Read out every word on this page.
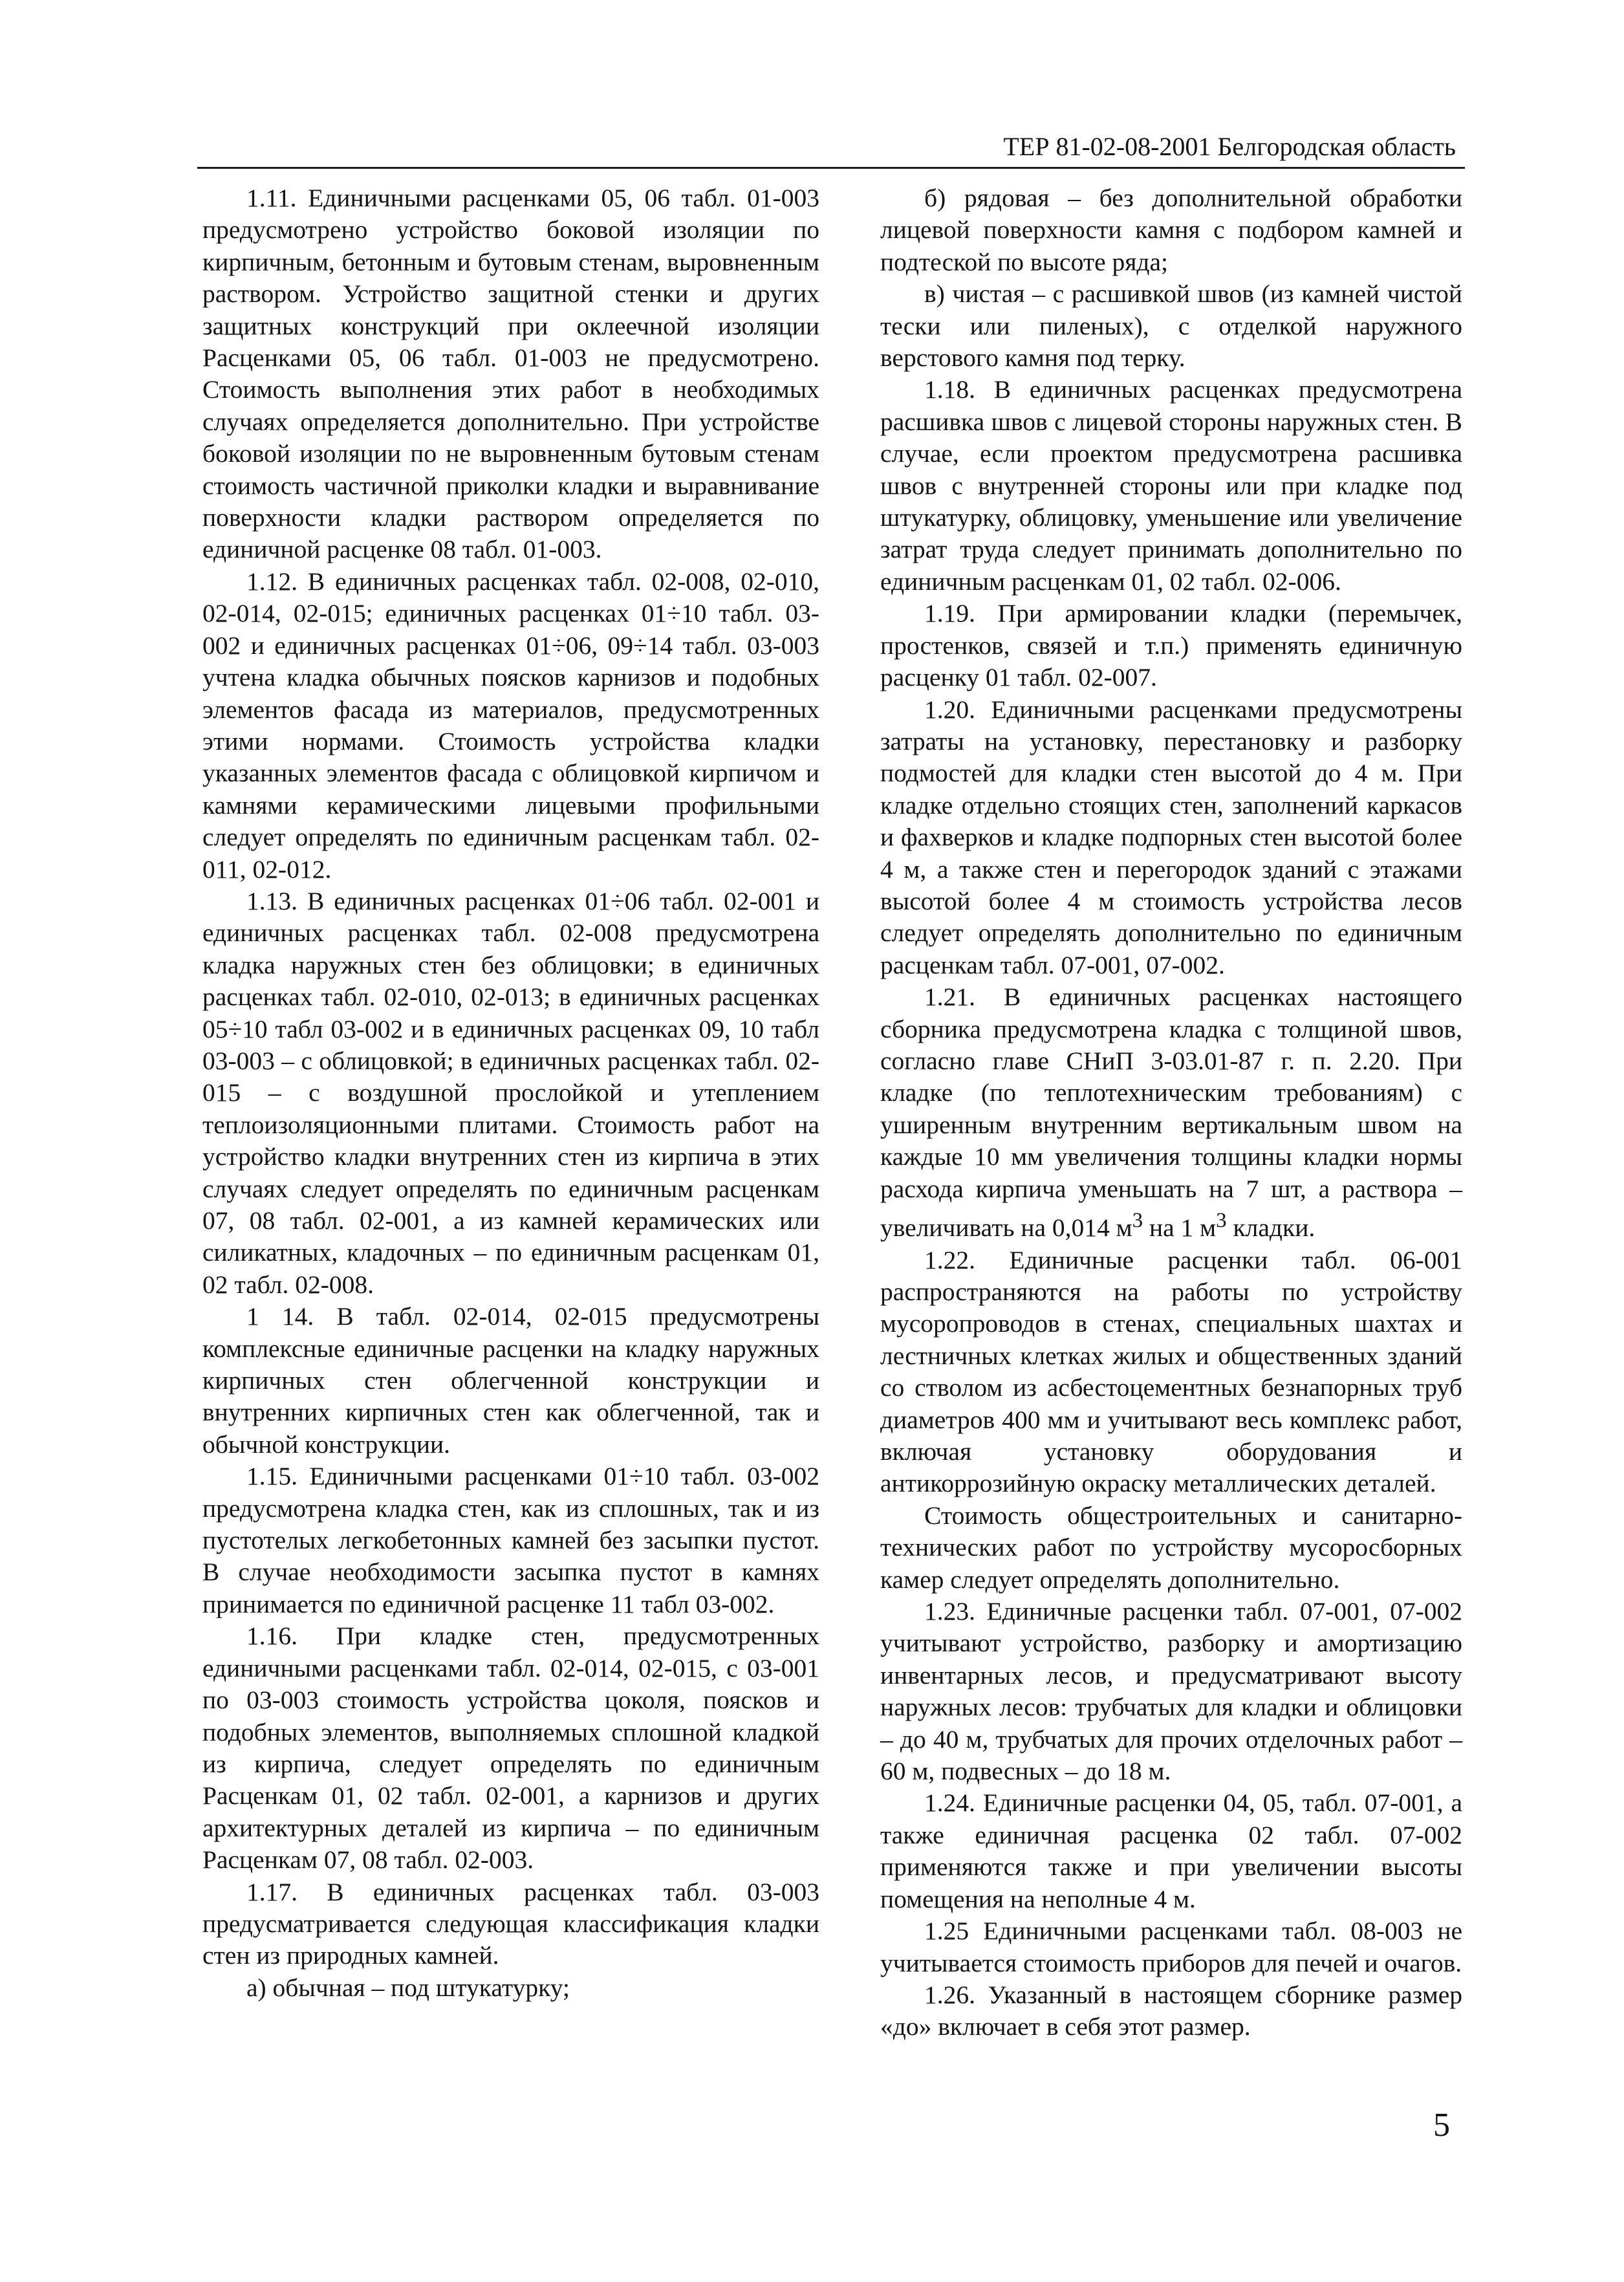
ТЕР 81-02-08-2001 Белгородская область

1.11. Единичными расценками 05, 06 табл. 01-003 предусмотрено устройство боковой изоляции по кирпичным, бетонным и бутовым стенам, выровненным раствором. Устройство защитной стенки и других защитных конструкций при оклеечной изоляции Расценками 05, 06 табл. 01-003 не предусмотрено. Стоимость выполнения этих работ в необходимых случаях определяется дополнительно. При устройстве боковой изоляции по не выровненным бутовым стенам стоимость частичной приколки кладки и выравнивание поверхности кладки раствором определяется по единичной расценке 08 табл. 01-003.

1.12. В единичных расценках табл. 02-008, 02-010, 02-014, 02-015; единичных расценках 01÷10 табл. 03-002 и единичных расценках 01÷06, 09÷14 табл. 03-003 учтена кладка обычных поясков карнизов и подобных элементов фасада из материалов, предусмотренных этими нормами. Стоимость устройства кладки указанных элементов фасада с облицовкой кирпичом и камнями керамическими лицевыми профильными следует определять по единичным расценкам табл. 02-011, 02-012.

1.13. В единичных расценках 01÷06 табл. 02-001 и единичных расценках табл. 02-008 предусмотрена кладка наружных стен без облицовки; в единичных расценках табл. 02-010, 02-013; в единичных расценках 05÷10 табл 03-002 и в единичных расценках 09, 10 табл 03-003 – с облицовкой; в единичных расценках табл. 02-015 – с воздушной прослойкой и утеплением теплоизоляционными плитами. Стоимость работ на устройство кладки внутренних стен из кирпича в этих случаях следует определять по единичным расценкам 07, 08 табл. 02-001, а из камней керамических или силикатных, кладочных – по единичным расценкам 01, 02 табл. 02-008.

1 14. В табл. 02-014, 02-015 предусмотрены комплексные единичные расценки на кладку наружных кирпичных стен облегченной конструкции и внутренних кирпичных стен как облегченной, так и обычной конструкции.

1.15. Единичными расценками 01÷10 табл. 03-002 предусмотрена кладка стен, как из сплошных, так и из пустотелых легкобетонных камней без засыпки пустот. В случае необходимости засыпка пустот в камнях принимается по единичной расценке 11 табл 03-002.

1.16. При кладке стен, предусмотренных единичными расценками табл. 02-014, 02-015, с 03-001 по 03-003 стоимость устройства цоколя, поясков и подобных элементов, выполняемых сплошной кладкой из кирпича, следует определять по единичным Расценкам 01, 02 табл. 02-001, а карнизов и других архитектурных деталей из кирпича – по единичным Расценкам 07, 08 табл. 02-003.

1.17. В единичных расценках табл. 03-003 предусматривается следующая классификация кладки стен из природных камней.

а) обычная – под штукатурку;

б) рядовая – без дополнительной обработки лицевой поверхности камня с подбором камней и подтеской по высоте ряда;

в) чистая – с расшивкой швов (из камней чистой тески или пиленых), с отделкой наружного верстового камня под терку.

1.18. В единичных расценках предусмотрена расшивка швов с лицевой стороны наружных стен. В случае, если проектом предусмотрена расшивка швов с внутренней стороны или при кладке под штукатурку, облицовку, уменьшение или увеличение затрат труда следует принимать дополнительно по единичным расценкам 01, 02 табл. 02-006.

1.19. При армировании кладки (перемычек, простенков, связей и т.п.) применять единичную расценку 01 табл. 02-007.

1.20. Единичными расценками предусмотрены затраты на установку, перестановку и разборку подмостей для кладки стен высотой до 4 м. При кладке отдельно стоящих стен, заполнений каркасов и фахверков и кладке подпорных стен высотой более 4 м, а также стен и перегородок зданий с этажами высотой более 4 м стоимость устройства лесов следует определять дополнительно по единичным расценкам табл. 07-001, 07-002.

1.21. В единичных расценках настоящего сборника предусмотрена кладка с толщиной швов, согласно главе СНиП 3-03.01-87 г. п. 2.20. При кладке (по теплотехническим требованиям) с уширенным внутренним вертикальным швом на каждые 10 мм увеличения толщины кладки нормы расхода кирпича уменьшать на 7 шт, а раствора – увеличивать на 0,014 $м^3$ на 1 $м^3$ кладки.

1.22. Единичные расценки табл. 06-001 распространяются на работы по устройству мусоропроводов в стенах, специальных шахтах и лестничных клетках жилых и общественных зданий со стволом из асбестоцементных безнапорных труб диаметров 400 мм и учитывают весь комплекс работ, включая установку оборудования и антикоррозийную окраску металлических деталей.

Стоимость общестроительных и санитарно-технических работ по устройству мусоросборных камер следует определять дополнительно.

1.23. Единичные расценки табл. 07-001, 07-002 учитывают устройство, разборку и амортизацию инвентарных лесов, и предусматривают высоту наружных лесов: трубчатых для кладки и облицовки – до 40 м, трубчатых для прочих отделочных работ – 60 м, подвесных – до 18 м.

1.24. Единичные расценки 04, 05, табл. 07-001, а также единичная расценка 02 табл. 07-002 применяются также и при увеличении высоты помещения на неполные 4 м.

1.25 Единичными расценками табл. 08-003 не учитывается стоимость приборов для печей и очагов.

1.26. Указанный в настоящем сборнике размер «до» включает в себя этот размер.

5
